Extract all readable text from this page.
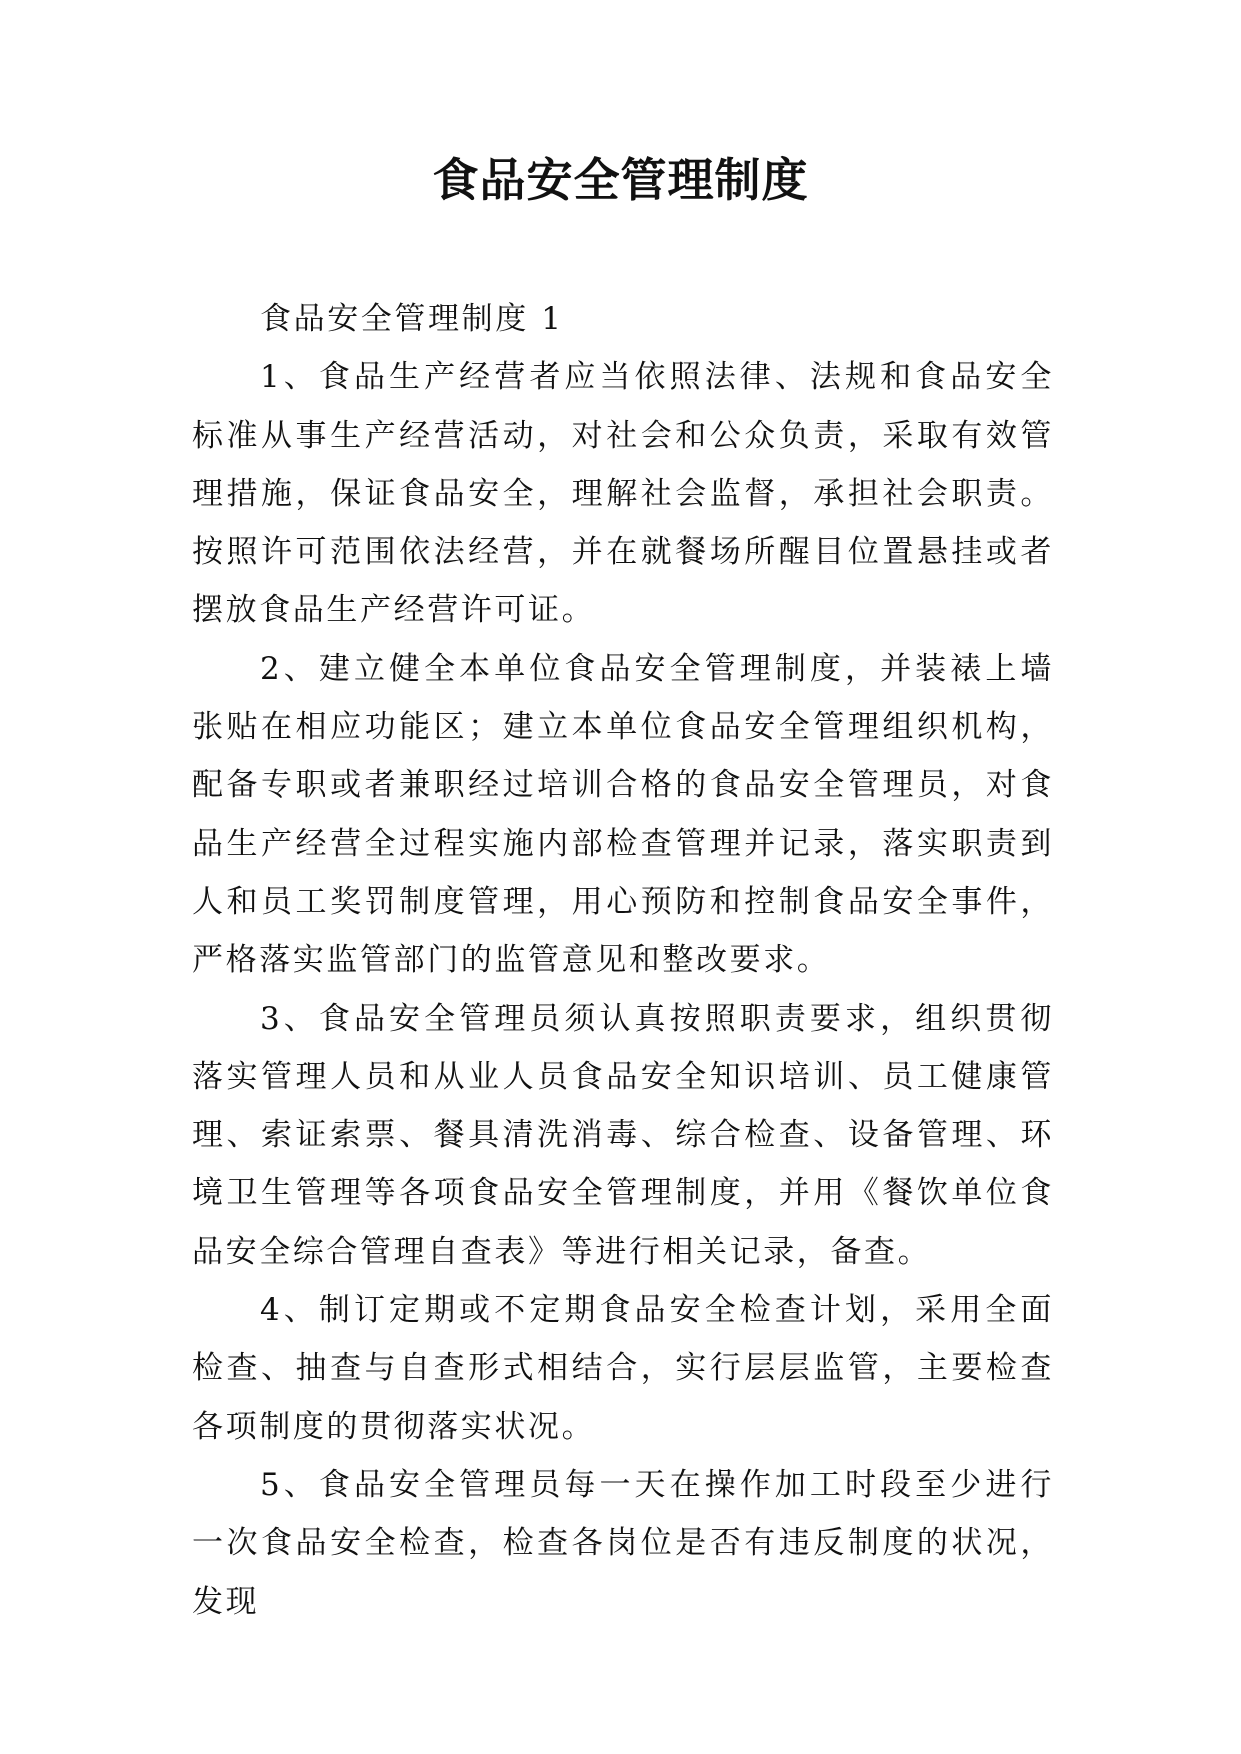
食品安全管理制度

食品安全管理制度 1

1、食品生产经营者应当依照法律、法规和食品安全标准从事生产经营活动，对社会和公众负责，采取有效管理措施，保证食品安全，理解社会监督，承担社会职责。按照许可范围依法经营，并在就餐场所醒目位置悬挂或者摆放食品生产经营许可证。

2、建立健全本单位食品安全管理制度，并装裱上墙张贴在相应功能区；建立本单位食品安全管理组织机构，配备专职或者兼职经过培训合格的食品安全管理员，对食品生产经营全过程实施内部检查管理并记录，落实职责到人和员工奖罚制度管理，用心预防和控制食品安全事件，严格落实监管部门的监管意见和整改要求。

3、食品安全管理员须认真按照职责要求，组织贯彻落实管理人员和从业人员食品安全知识培训、员工健康管理、索证索票、餐具清洗消毒、综合检查、设备管理、环境卫生管理等各项食品安全管理制度，并用《餐饮单位食品安全综合管理自查表》等进行相关记录，备查。

4、制订定期或不定期食品安全检查计划，采用全面检查、抽查与自查形式相结合，实行层层监管，主要检查各项制度的贯彻落实状况。

5、食品安全管理员每一天在操作加工时段至少进行一次食品安全检查，检查各岗位是否有违反制度的状况，发现
